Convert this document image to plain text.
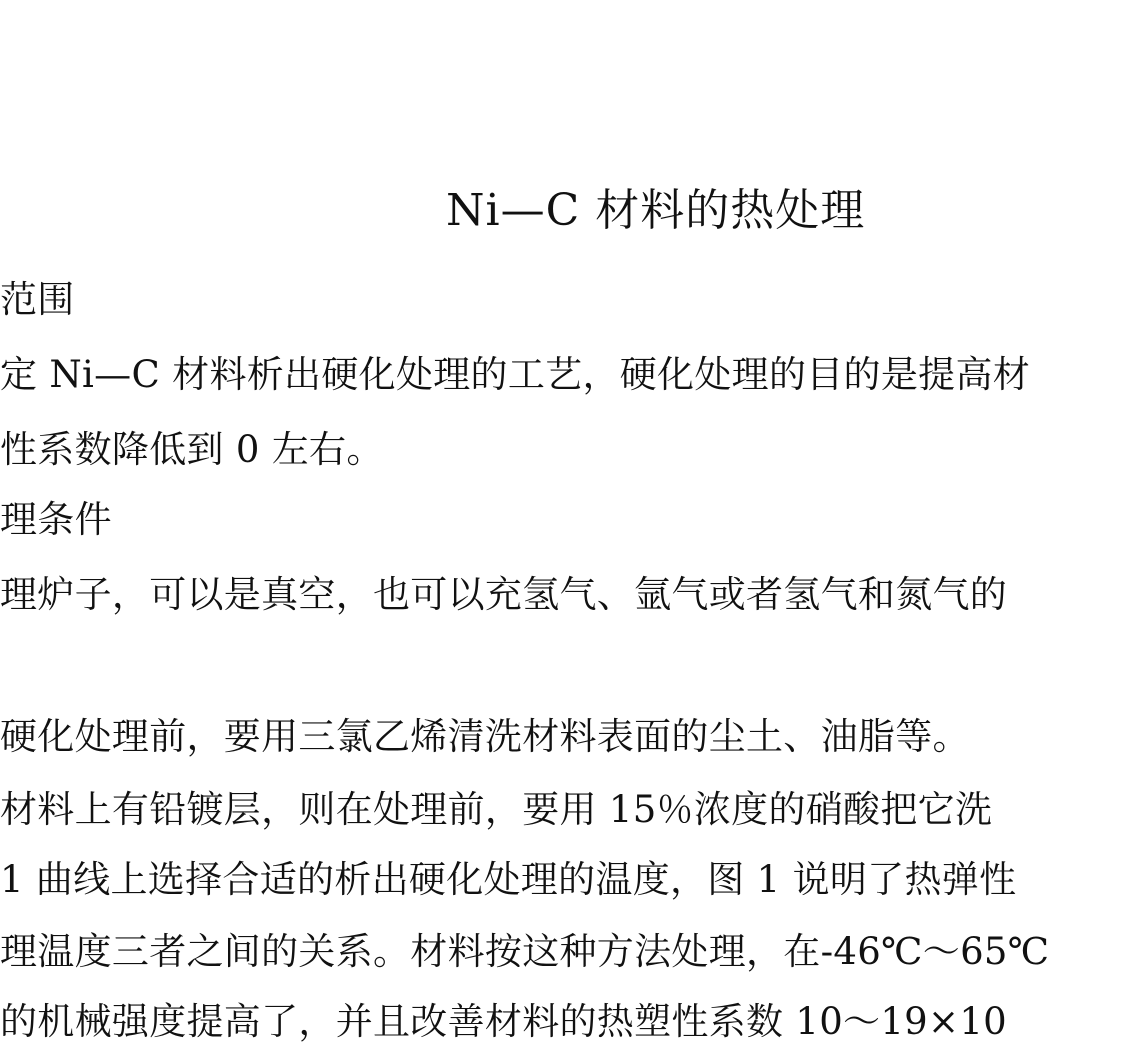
Ni—C 材料的热处理
范围
定 Ni—C 材料析出硬化处理的工艺，硬化处理的目的是提高材
性系数降低到 0 左右。
理条件
理炉子，可以是真空，也可以充氢气、氩气或者氢气和氮气的
硬化处理前，要用三氯乙烯清洗材料表面的尘土、油脂等。
材料上有铅镀层，则在处理前，要用 15％浓度的硝酸把它洗
1 曲线上选择合适的析出硬化处理的温度，图 1 说明了热弹性
理温度三者之间的关系。材料按这种方法处理，在-46℃～65℃
的机械强度提高了，并且改善材料的热塑性系数 10～19×10
